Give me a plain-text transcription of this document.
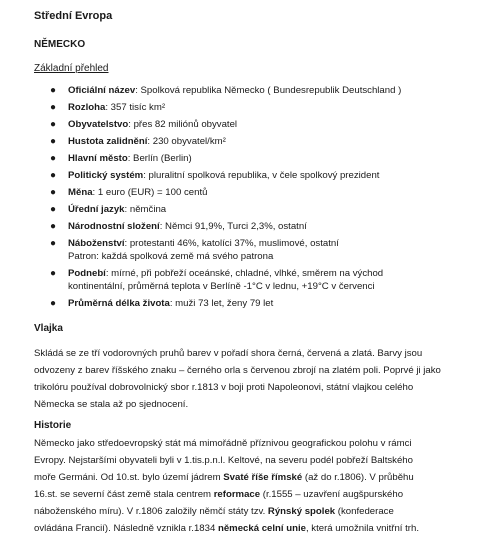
Střední Evropa
NĚMECKO
Základní přehled
● Oficiální název: Spolková republika Německo ( Bundesrepublik Deutschland )
● Rozloha: 357 tisíc km²
● Obyvatelstvo: přes 82 miliónů obyvatel
● Hustota zalidnění: 230 obyvatel/km²
● Hlavní město: Berlín (Berlin)
● Politický systém: pluralitní spolková republika, v čele spolkový prezident
● Měna: 1 euro (EUR) = 100 centů
● Úřední jazyk: němčina
● Národnostní složení: Němci 91,9%, Turci 2,3%, ostatní
● Náboženství: protestanti 46%, katolíci 37%, muslimové, ostatní
Patron: každá spolková země má svého patrona
● Podnebí: mírné, při pobřeží oceánské, chladné, vlhké, směrem na východ
kontinentální, průměrná teplota v Berlíně -1°C v lednu, +19°C v červenci
● Průměrná délka života: muži 73 let, ženy 79 let
Vlajka
Skládá se ze tří vodorovných pruhů barev v pořadí shora černá, červená a zlatá. Barvy jsou
odvozeny z barev říšského znaku – černého orla s červenou zbrojí na zlatém poli. Poprvé ji jako
trikolóru používal dobrovolnický sbor r.1813 v boji proti Napoleonovi, státní vlajkou celého
Německa se stala až po sjednocení.
Historie
Německo jako středoevropský stát má mimořádně příznivou geografickou polohu v rámci
Evropy. Nejstaršími obyvateli byli v 1.tis.p.n.l. Keltové, na severu podél pobřeží Baltského
moře Germáni. Od 10.st. bylo území jádrem Svaté říše římské (až do r.1806). V průběhu
16.st. se severní část země stala centrem reformace (r.1555 – uzavření augšpurského
náboženského míru). V r.1806 založily němčí státy tzv. Rýnský spolek (konfederace
ovládána Francií). Následně vznikla r.1834 německá celní unie, která umožnila vnitřní trh.
